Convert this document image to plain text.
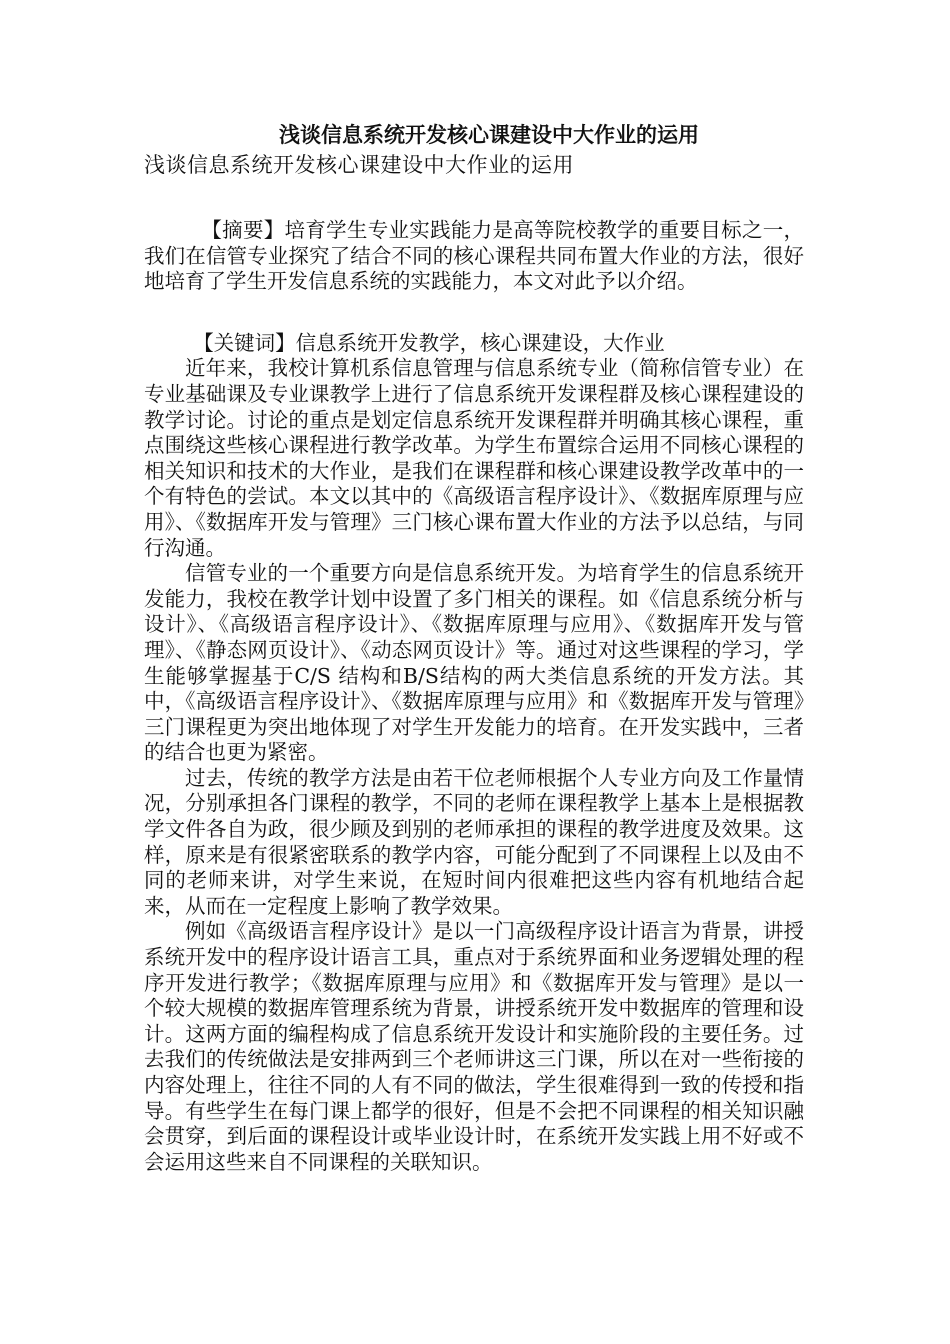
浅谈信息系统开发核心课建设中大作业的运用
浅谈信息系统开发核心课建设中大作业的运用

【摘要】培育学生专业实践能力是高等院校教学的重要目标之一，我们在信管专业探究了结合不同的核心课程共同布置大作业的方法，很好地培育了学生开发信息系统的实践能力，本文对此予以介绍。

【关键词】信息系统开发教学，核心课建设，大作业

近年来，我校计算机系信息管理与信息系统专业（简称信管专业）在专业基础课及专业课教学上进行了信息系统开发课程群及核心课程建设的教学讨论。讨论的重点是划定信息系统开发课程群并明确其核心课程，重点围绕这些核心课程进行教学改革。为学生布置综合运用不同核心课程的相关知识和技术的大作业，是我们在课程群和核心课建设教学改革中的一个有特色的尝试。本文以其中的《高级语言程序设计》、《数据库原理与应用》、《数据库开发与管理》三门核心课布置大作业的方法予以总结，与同行沟通。

信管专业的一个重要方向是信息系统开发。为培育学生的信息系统开发能力，我校在教学计划中设置了多门相关的课程。如《信息系统分析与设计》、《高级语言程序设计》、《数据库原理与应用》、《数据库开发与管理》、《静态网页设计》、《动态网页设计》等。通过对这些课程的学习，学生能够掌握基于C/S 结构和B/S结构的两大类信息系统的开发方法。其中，《高级语言程序设计》、《数据库原理与应用》和《数据库开发与管理》三门课程更为突出地体现了对学生开发能力的培育。在开发实践中，三者的结合也更为紧密。

过去，传统的教学方法是由若干位老师根据个人专业方向及工作量情况，分别承担各门课程的教学，不同的老师在课程教学上基本上是根据教学文件各自为政，很少顾及到别的老师承担的课程的教学进度及效果。这样，原来是有很紧密联系的教学内容，可能分配到了不同课程上以及由不同的老师来讲，对学生来说，在短时间内很难把这些内容有机地结合起来，从而在一定程度上影响了教学效果。

例如《高级语言程序设计》是以一门高级程序设计语言为背景，讲授系统开发中的程序设计语言工具，重点对于系统界面和业务逻辑处理的程序开发进行教学；《数据库原理与应用》和《数据库开发与管理》是以一个较大规模的数据库管理系统为背景，讲授系统开发中数据库的管理和设计。这两方面的编程构成了信息系统开发设计和实施阶段的主要任务。过去我们的传统做法是安排两到三个老师讲这三门课，所以在对一些衔接的内容处理上，往往不同的人有不同的做法，学生很难得到一致的传授和指导。有些学生在每门课上都学的很好，但是不会把不同课程的相关知识融会贯穿，到后面的课程设计或毕业设计时，在系统开发实践上用不好或不会运用这些来自不同课程的关联知识。
